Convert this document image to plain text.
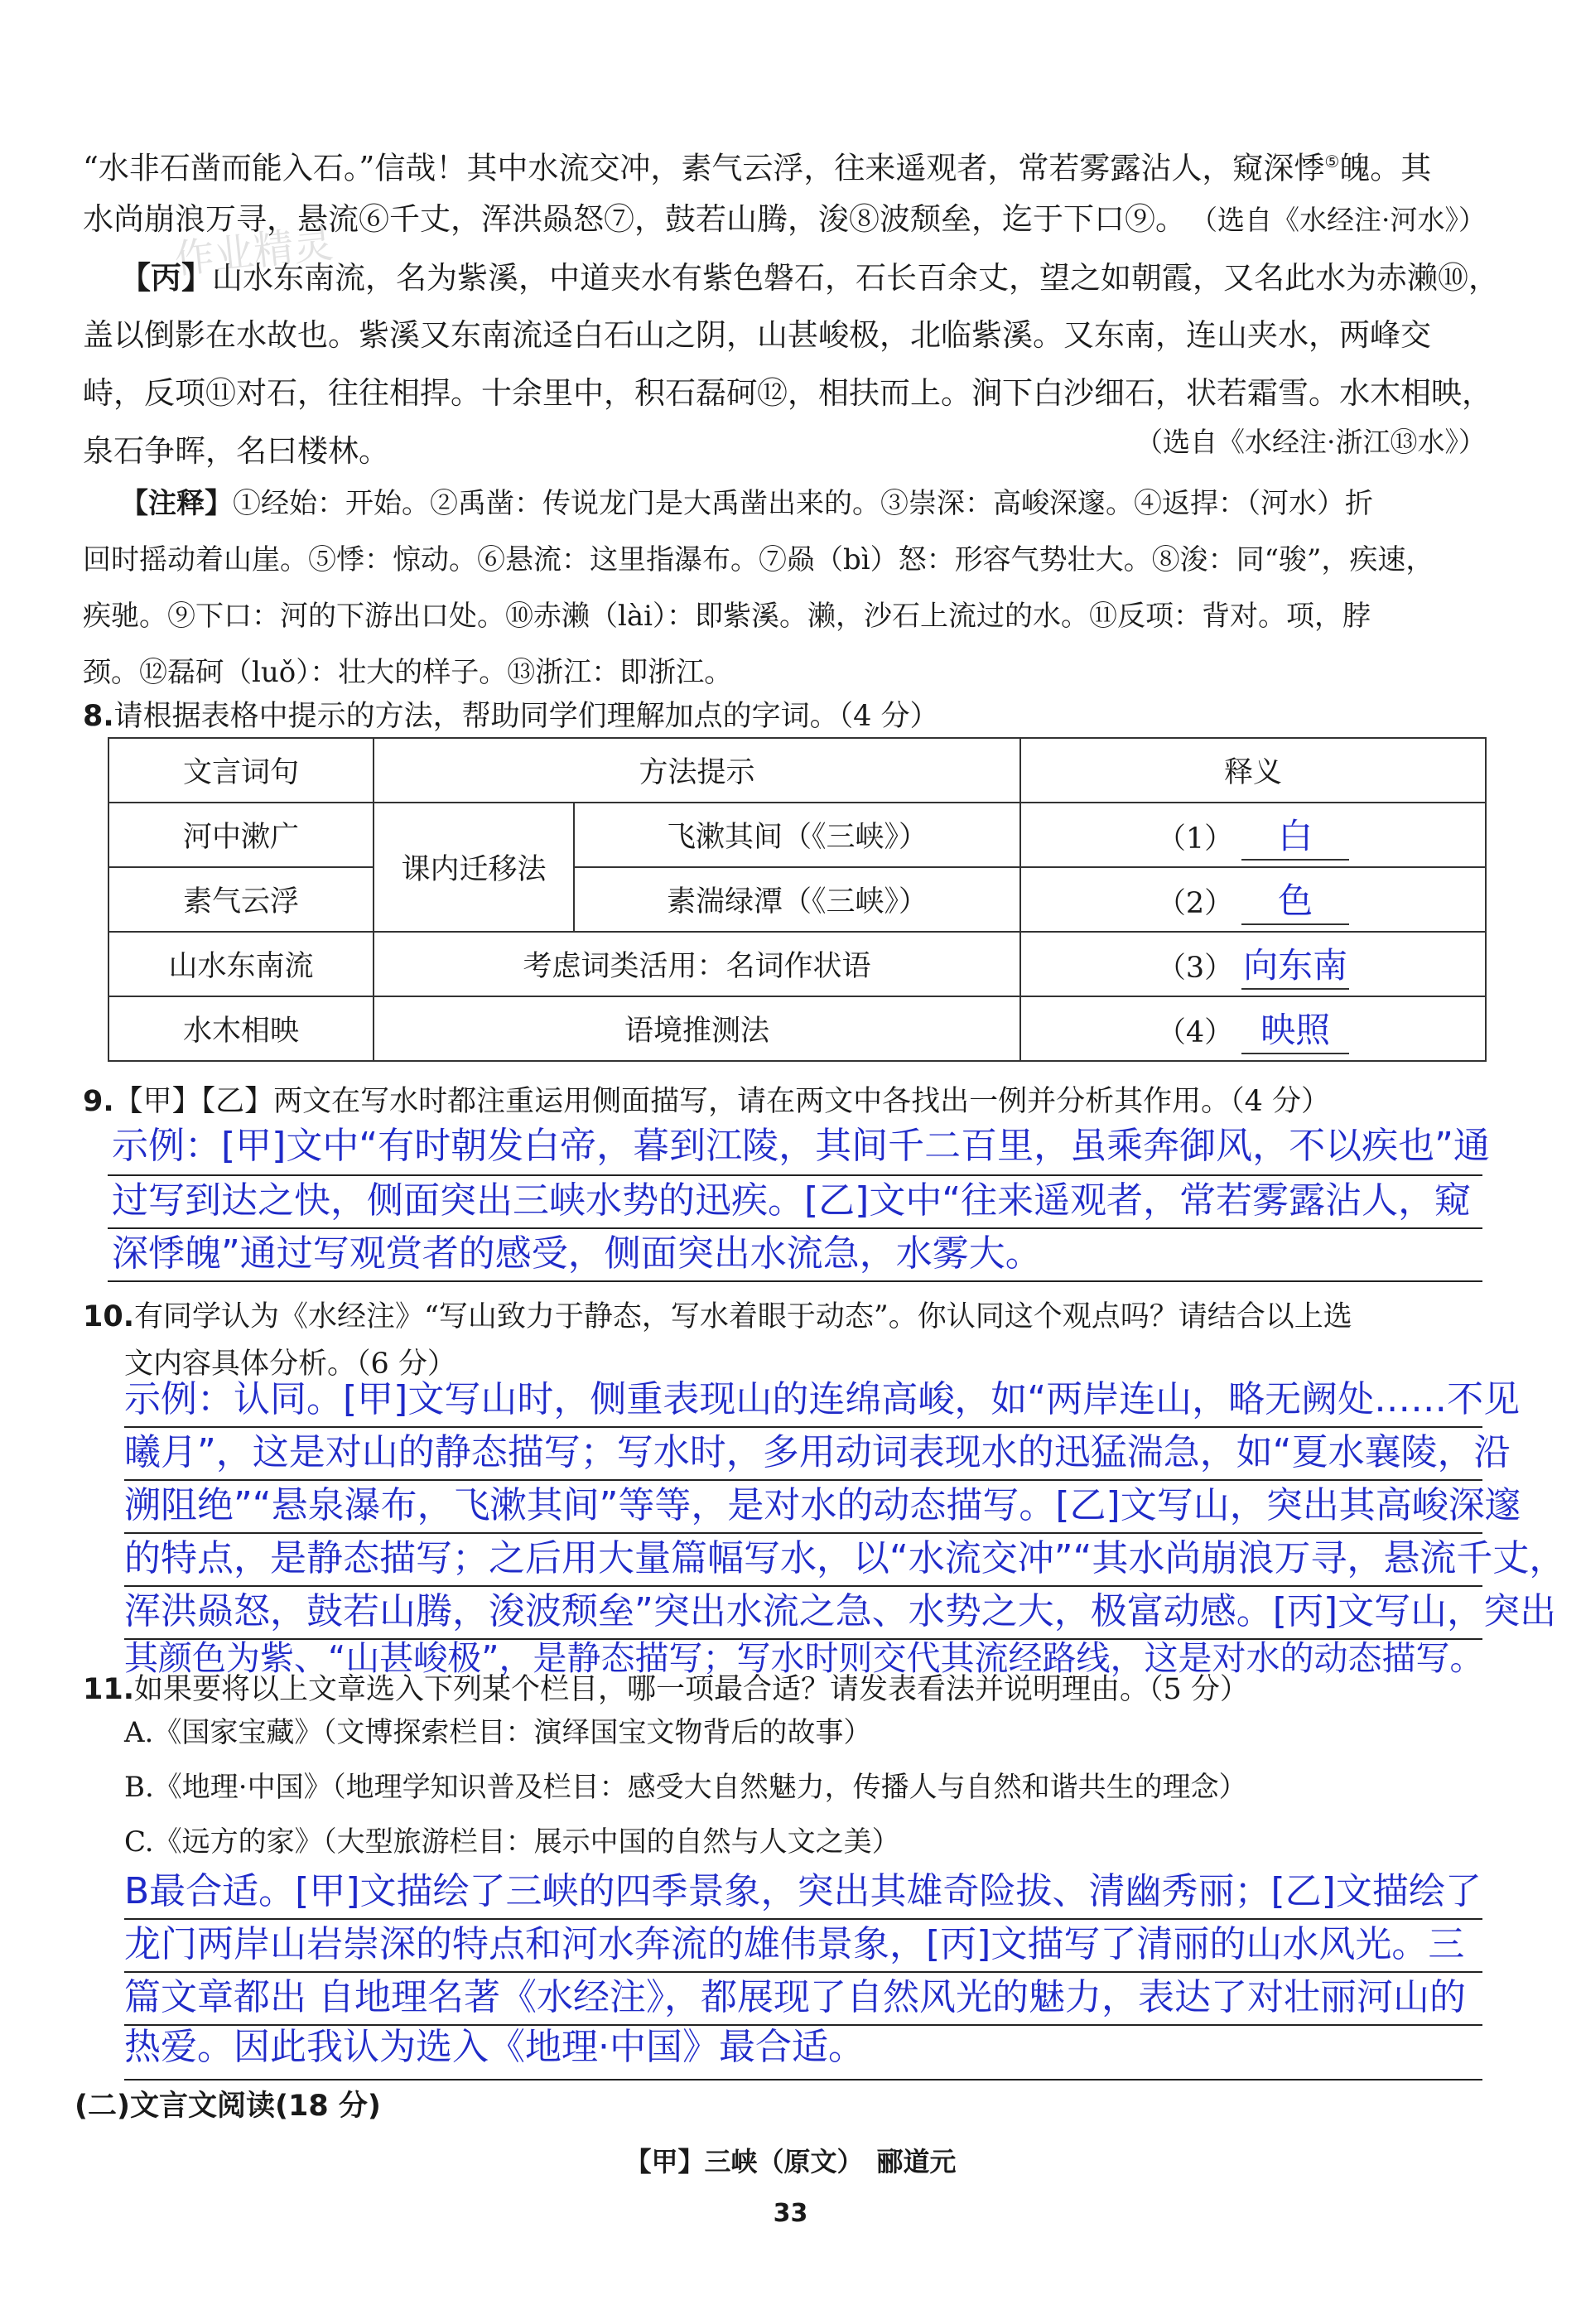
作业精灵
“水非石凿而能入石。”信哉！其中水流交冲，素气云浮，往来遥观者，常若雾露沾人，窥深悸⑤魄。其
水尚崩浪万寻，悬流⑥千丈，浑洪赑怒⑦，鼓若山腾，浚⑧波颓垒，迄于下口⑨。 （选自《水经注·河水》）
【丙】山水东南流，名为紫溪，中道夹水有紫色磐石，石长百余丈，望之如朝霞，又名此水为赤濑⑩，
盖以倒影在水故也。紫溪又东南流迳白石山之阴，山甚峻极，北临紫溪。又东南，连山夹水，两峰交
峙，反项⑪对石，往往相捍。十余里中，积石磊砢⑫，相扶而上。涧下白沙细石，状若霜雪。水木相映，
泉石争晖，名曰楼林。	（选自《水经注·浙江⑬水》）
【注释】①经始：开始。②禹凿：传说龙门是大禹凿出来的。③崇深：高峻深邃。④返捍：（河水）折
回时摇动着山崖。⑤悸：惊动。⑥悬流：这里指瀑布。⑦赑（bì）怒：形容气势壮大。⑧浚：同“骏”，疾速，
疾驰。⑨下口：河的下游出口处。⑩赤濑（lài）：即紫溪。濑，沙石上流过的水。⑪反项：背对。项，脖
颈。⑫磊砢（luǒ）：壮大的样子。⑬浙江：即浙江。
8.请根据表格中提示的方法，帮助同学们理解加点的字词。（4 分）
文言词句	方法提示		释义
河中漱广	课内迁移法	飞漱其间（《三峡》）	（1） 白
素气云浮		素湍绿潭（《三峡》）	（2） 色
山水东南流	考虑词类活用：名词作状语		（3） 向东南
水木相映	语境推测法		（4） 映照
9.【甲】【乙】两文在写水时都注重运用侧面描写，请在两文中各找出一例并分析其作用。（4 分）
示例：[甲]文中“有时朝发白帝，暮到江陵，其间千二百里，虽乘奔御风，不以疾也”通
过写到达之快，侧面突出三峡水势的迅疾。[乙]文中“往来遥观者，常若雾露沾人，窥
深悸魄”通过写观赏者的感受，侧面突出水流急，水雾大。
10.有同学认为《水经注》“写山致力于静态，写水着眼于动态”。你认同这个观点吗？请结合以上选
文内容具体分析。（6 分）
示例：认同。[甲]文写山时，侧重表现山的连绵高峻，如“两岸连山，略无阙处……不见
曦月”，这是对山的静态描写；写水时，多用动词表现水的迅猛湍急，如“夏水襄陵，沿
溯阻绝”“悬泉瀑布，飞漱其间”等等，是对水的动态描写。[乙]文写山，突出其高峻深邃
的特点，是静态描写；之后用大量篇幅写水，以“水流交冲”“其水尚崩浪万寻，悬流千丈，
浑洪赑怒，鼓若山腾，浚波颓垒”突出水流之急、水势之大，极富动感。[丙]文写山，突出
其颜色为紫、“山甚峻极”，是静态描写；写水时则交代其流经路线，这是对水的动态描写。
11.如果要将以上文章选入下列某个栏目，哪一项最合适？请发表看法并说明理由。（5 分）
A.《国家宝藏》（文博探索栏目：演绎国宝文物背后的故事）
B.《地理·中国》（地理学知识普及栏目：感受大自然魅力，传播人与自然和谐共生的理念）
C.《远方的家》（大型旅游栏目：展示中国的自然与人文之美）
B最合适。[甲]文描绘了三峡的四季景象，突出其雄奇险拔、清幽秀丽；[乙]文描绘了
龙门两岸山岩崇深的特点和河水奔流的雄伟景象，[丙]文描写了清丽的山水风光。三
篇文章都出 自地理名著《水经注》，都展现了自然风光的魅力，表达了对壮丽河山的
热爱。因此我认为选入《地理·中国》最合适。
(二)文言文阅读(18 分)
【甲】三峡（原文）　郦道元
33
